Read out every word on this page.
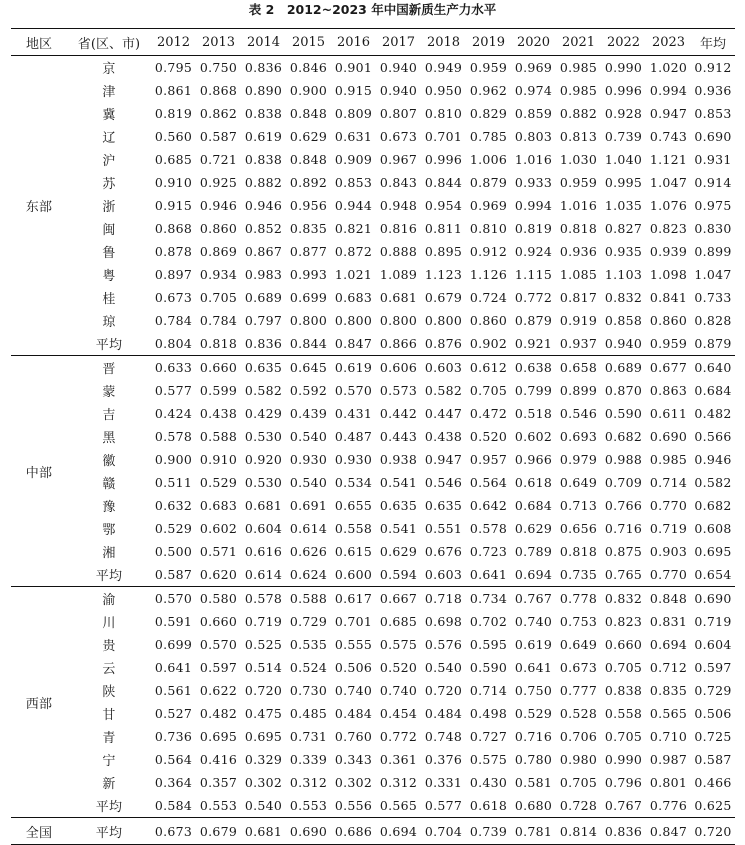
表 2　2012~2023 年中国新质生产力水平
地区	省(区、市)	2012	2013	2014	2015	2016	2017	2018	2019	2020	2021	2022	2023	年均
东部	京	0.795	0.750	0.836	0.846	0.901	0.940	0.949	0.959	0.969	0.985	0.990	1.020	0.912
	津	0.861	0.868	0.890	0.900	0.915	0.940	0.950	0.962	0.974	0.985	0.996	0.994	0.936
	冀	0.819	0.862	0.838	0.848	0.809	0.807	0.810	0.829	0.859	0.882	0.928	0.947	0.853
	辽	0.560	0.587	0.619	0.629	0.631	0.673	0.701	0.785	0.803	0.813	0.739	0.743	0.690
	沪	0.685	0.721	0.838	0.848	0.909	0.967	0.996	1.006	1.016	1.030	1.040	1.121	0.931
	苏	0.910	0.925	0.882	0.892	0.853	0.843	0.844	0.879	0.933	0.959	0.995	1.047	0.914
	浙	0.915	0.946	0.946	0.956	0.944	0.948	0.954	0.969	0.994	1.016	1.035	1.076	0.975
	闽	0.868	0.860	0.852	0.835	0.821	0.816	0.811	0.810	0.819	0.818	0.827	0.823	0.830
	鲁	0.878	0.869	0.867	0.877	0.872	0.888	0.895	0.912	0.924	0.936	0.935	0.939	0.899
	粤	0.897	0.934	0.983	0.993	1.021	1.089	1.123	1.126	1.115	1.085	1.103	1.098	1.047
	桂	0.673	0.705	0.689	0.699	0.683	0.681	0.679	0.724	0.772	0.817	0.832	0.841	0.733
	琼	0.784	0.784	0.797	0.800	0.800	0.800	0.800	0.860	0.879	0.919	0.858	0.860	0.828
	平均	0.804	0.818	0.836	0.844	0.847	0.866	0.876	0.902	0.921	0.937	0.940	0.959	0.879
中部	晋	0.633	0.660	0.635	0.645	0.619	0.606	0.603	0.612	0.638	0.658	0.689	0.677	0.640
	蒙	0.577	0.599	0.582	0.592	0.570	0.573	0.582	0.705	0.799	0.899	0.870	0.863	0.684
	吉	0.424	0.438	0.429	0.439	0.431	0.442	0.447	0.472	0.518	0.546	0.590	0.611	0.482
	黑	0.578	0.588	0.530	0.540	0.487	0.443	0.438	0.520	0.602	0.693	0.682	0.690	0.566
	徽	0.900	0.910	0.920	0.930	0.930	0.938	0.947	0.957	0.966	0.979	0.988	0.985	0.946
	赣	0.511	0.529	0.530	0.540	0.534	0.541	0.546	0.564	0.618	0.649	0.709	0.714	0.582
	豫	0.632	0.683	0.681	0.691	0.655	0.635	0.635	0.642	0.684	0.713	0.766	0.770	0.682
	鄂	0.529	0.602	0.604	0.614	0.558	0.541	0.551	0.578	0.629	0.656	0.716	0.719	0.608
	湘	0.500	0.571	0.616	0.626	0.615	0.629	0.676	0.723	0.789	0.818	0.875	0.903	0.695
	平均	0.587	0.620	0.614	0.624	0.600	0.594	0.603	0.641	0.694	0.735	0.765	0.770	0.654
西部	渝	0.570	0.580	0.578	0.588	0.617	0.667	0.718	0.734	0.767	0.778	0.832	0.848	0.690
	川	0.591	0.660	0.719	0.729	0.701	0.685	0.698	0.702	0.740	0.753	0.823	0.831	0.719
	贵	0.699	0.570	0.525	0.535	0.555	0.575	0.576	0.595	0.619	0.649	0.660	0.694	0.604
	云	0.641	0.597	0.514	0.524	0.506	0.520	0.540	0.590	0.641	0.673	0.705	0.712	0.597
	陕	0.561	0.622	0.720	0.730	0.740	0.740	0.720	0.714	0.750	0.777	0.838	0.835	0.729
	甘	0.527	0.482	0.475	0.485	0.484	0.454	0.484	0.498	0.529	0.528	0.558	0.565	0.506
	青	0.736	0.695	0.695	0.731	0.760	0.772	0.748	0.727	0.716	0.706	0.705	0.710	0.725
	宁	0.564	0.416	0.329	0.339	0.343	0.361	0.376	0.575	0.780	0.980	0.990	0.987	0.587
	新	0.364	0.357	0.302	0.312	0.302	0.312	0.331	0.430	0.581	0.705	0.796	0.801	0.466
	平均	0.584	0.553	0.540	0.553	0.556	0.565	0.577	0.618	0.680	0.728	0.767	0.776	0.625
全国	平均	0.673	0.679	0.681	0.690	0.686	0.694	0.704	0.739	0.781	0.814	0.836	0.847	0.720
